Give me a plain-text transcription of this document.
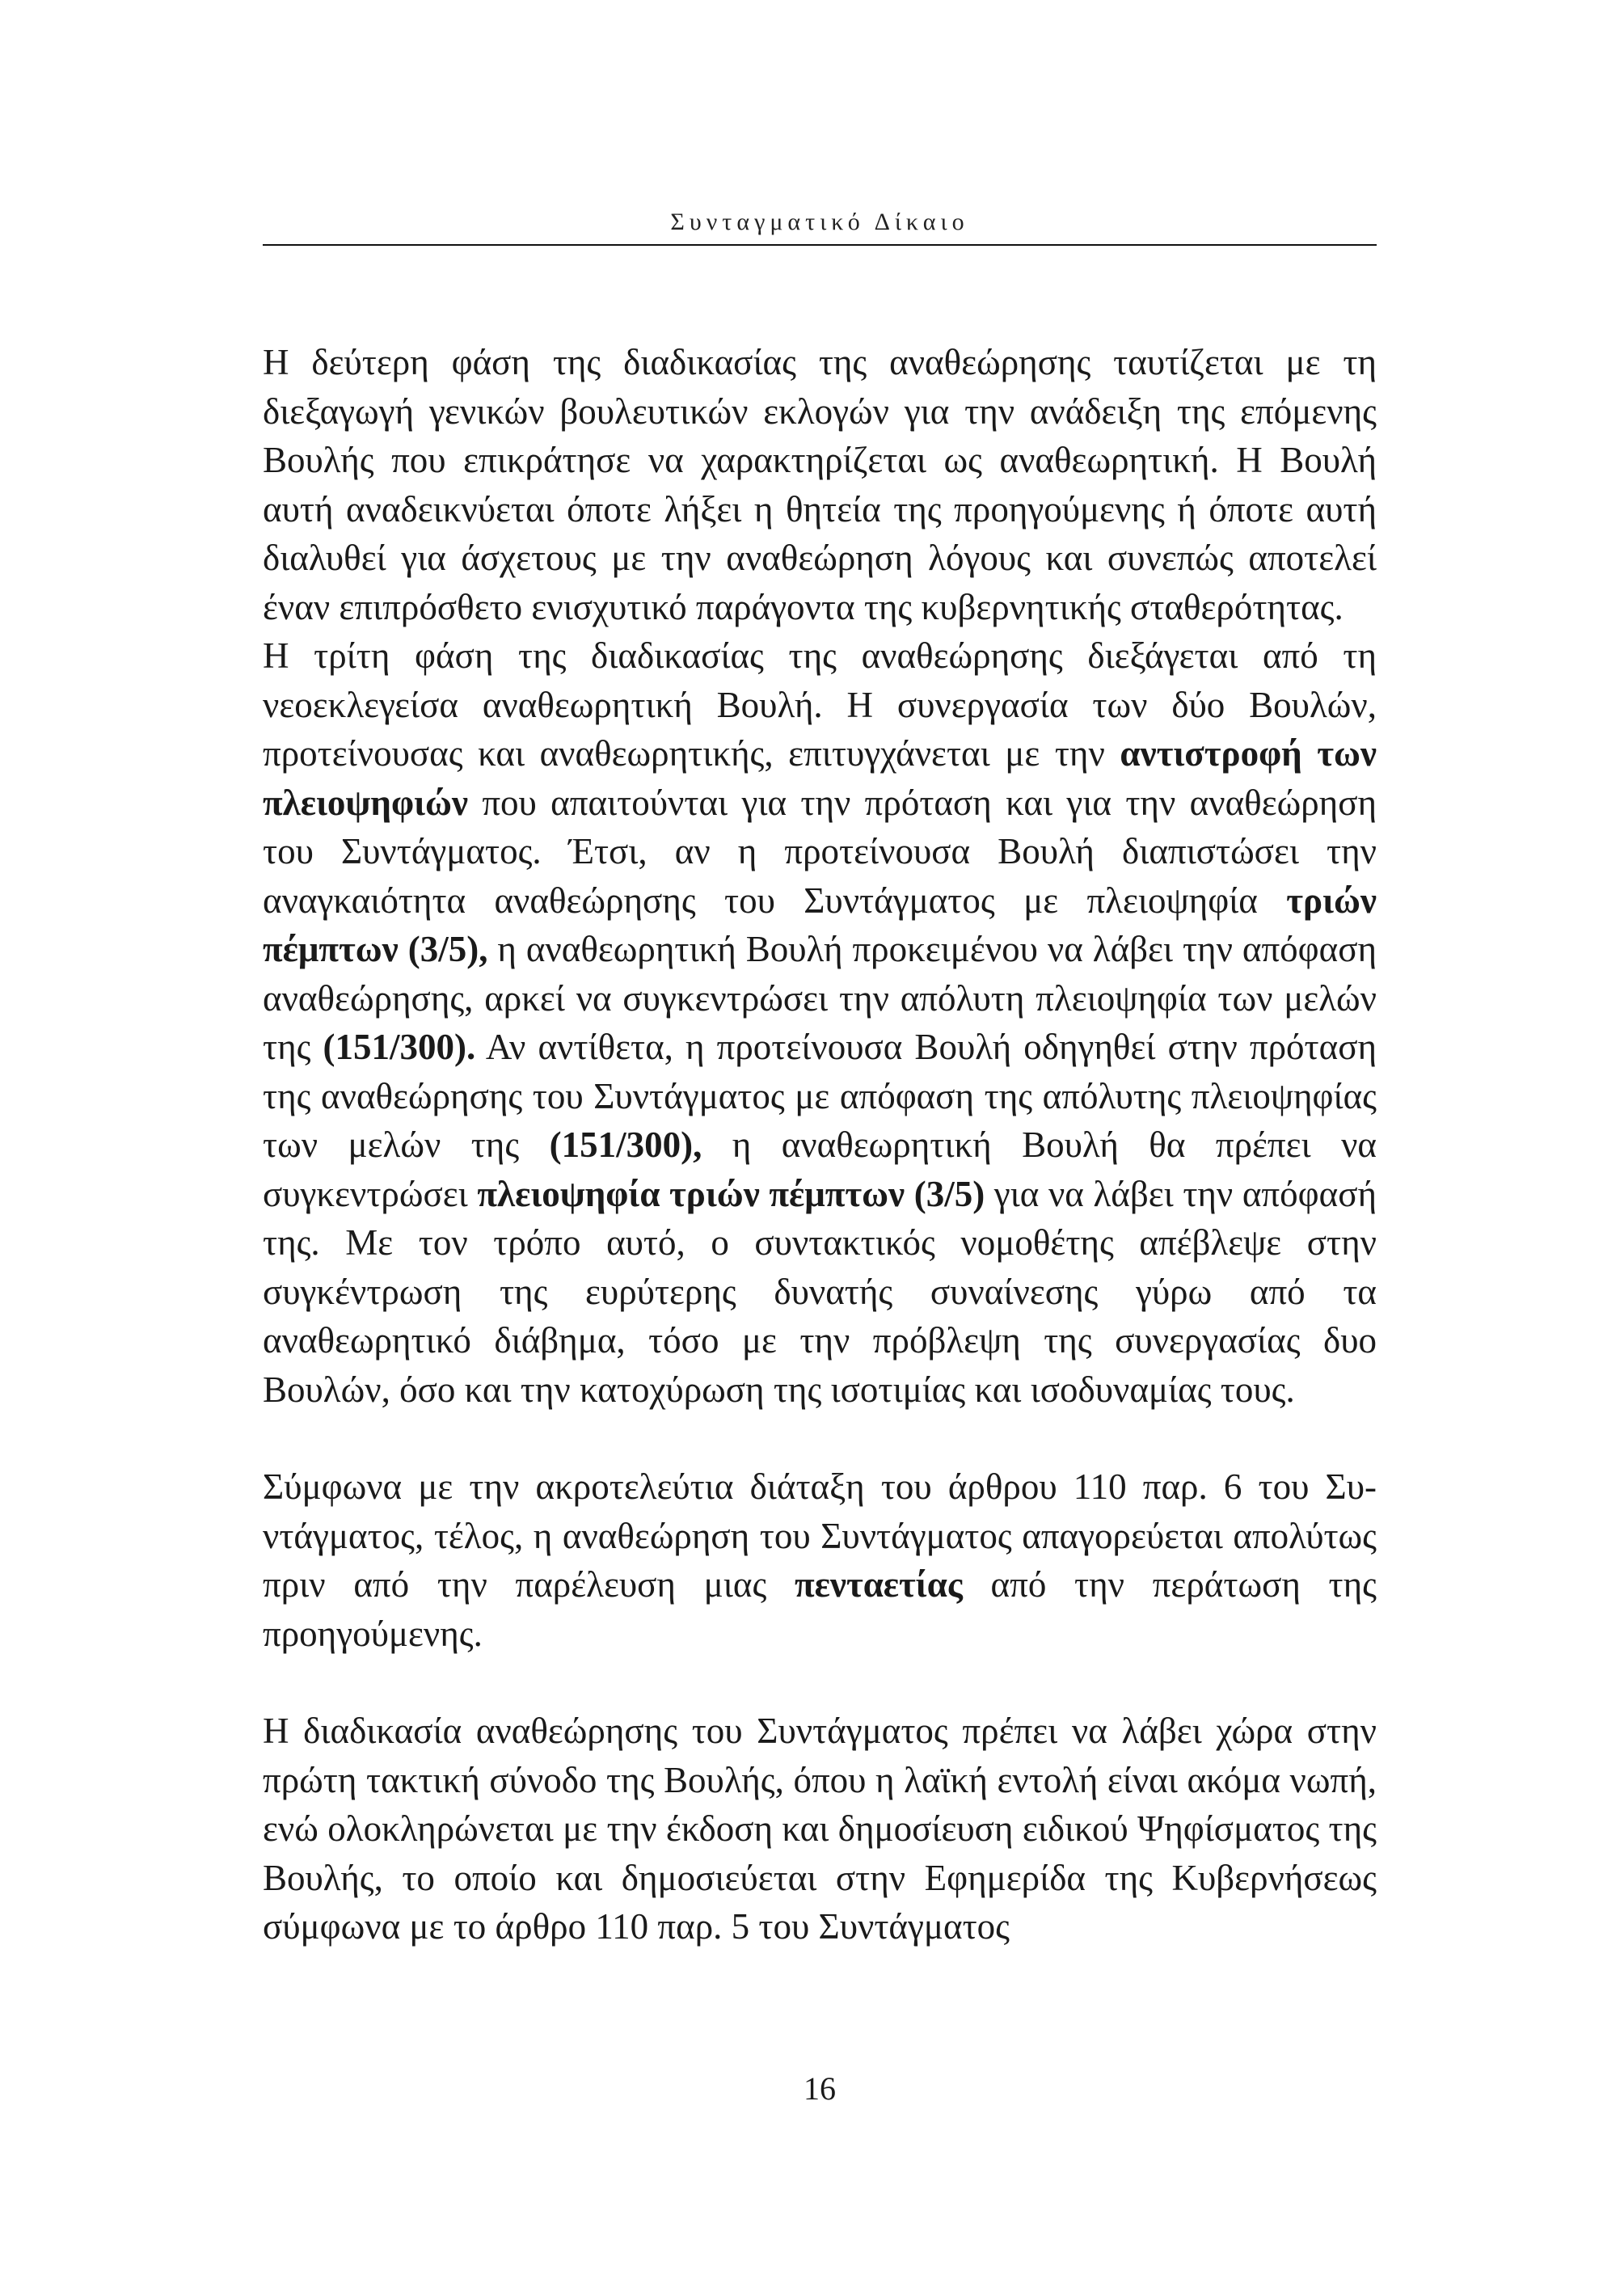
Συνταγματικό Δίκαιο

Η δεύτερη φάση της διαδικασίας της αναθεώρησης ταυτίζεται με τη διεξαγωγή γενικών βουλευτικών εκλογών για την ανάδειξη της επόμενης Βουλής που επικράτησε να χαρακτηρίζεται ως αναθεωρητική. Η Βουλή αυτή αναδεικνύεται όποτε λήξει η θητεία της προηγούμενης ή όποτε αυτή διαλυθεί για άσχετους με την αναθεώρηση λόγους και συνεπώς αποτελεί έναν επιπρόσθετο ενισχυτικό παράγοντα της κυβερνητικής σταθερότητας.

Η τρίτη φάση της διαδικασίας της αναθεώρησης διεξάγεται από τη νεοεκλεγείσα αναθεωρητική Βουλή. Η συνεργασία των δύο Βουλών, προτείνουσας και αναθεωρητικής, επιτυγχάνεται με την αντιστροφή των πλειοψηφιών που απαιτούνται για την πρόταση και για την αναθεώρηση του Συντάγματος. Έτσι, αν η προτείνουσα Βουλή διαπιστώσει την αναγκαιότητα αναθεώρησης του Συντάγματος με πλειοψηφία τριών πέμπτων (3/5), η αναθεωρητική Βουλή προκειμένου να λάβει την απόφαση αναθεώρησης, αρκεί να συγκεντρώσει την απόλυτη πλειοψηφία των μελών της (151/300). Αν αντίθετα, η προτείνουσα Βουλή οδηγηθεί στην πρόταση της αναθεώρησης του Συντάγματος με απόφαση της απόλυτης πλειοψηφίας των μελών της (151/300), η αναθεωρητική Βουλή θα πρέπει να συγκεντρώσει πλειοψηφία τριών πέμπτων (3/5) για να λάβει την απόφασή της. Με τον τρόπο αυτό, ο συντακτικός νομοθέτης απέβλεψε στην συγκέντρωση της ευρύτερης δυνατής συναίνεσης γύρω από τα αναθεωρητικό διάβημα, τόσο με την πρόβλεψη της συνεργασίας δυο Βουλών, όσο και την κατοχύρωση της ισοτιμίας και ισοδυναμίας τους.

Σύμφωνα με την ακροτελεύτια διάταξη του άρθρου 110 παρ. 6 του Συντάγματος, τέλος, η αναθεώρηση του Συντάγματος απαγορεύεται απολύτως πριν από την παρέλευση μιας πενταετίας από την περάτωση της προηγούμενης.

Η διαδικασία αναθεώρησης του Συντάγματος πρέπει να λάβει χώρα στην πρώτη τακτική σύνοδο της Βουλής, όπου η λαϊκή εντολή είναι ακόμα νωπή, ενώ ολοκληρώνεται με την έκδοση και δημοσίευση ειδικού Ψηφίσματος της Βουλής, το οποίο και δημοσιεύεται στην Εφημερίδα της Κυβερνήσεως σύμφωνα με το άρθρο 110 παρ. 5 του Συντάγματος

16
